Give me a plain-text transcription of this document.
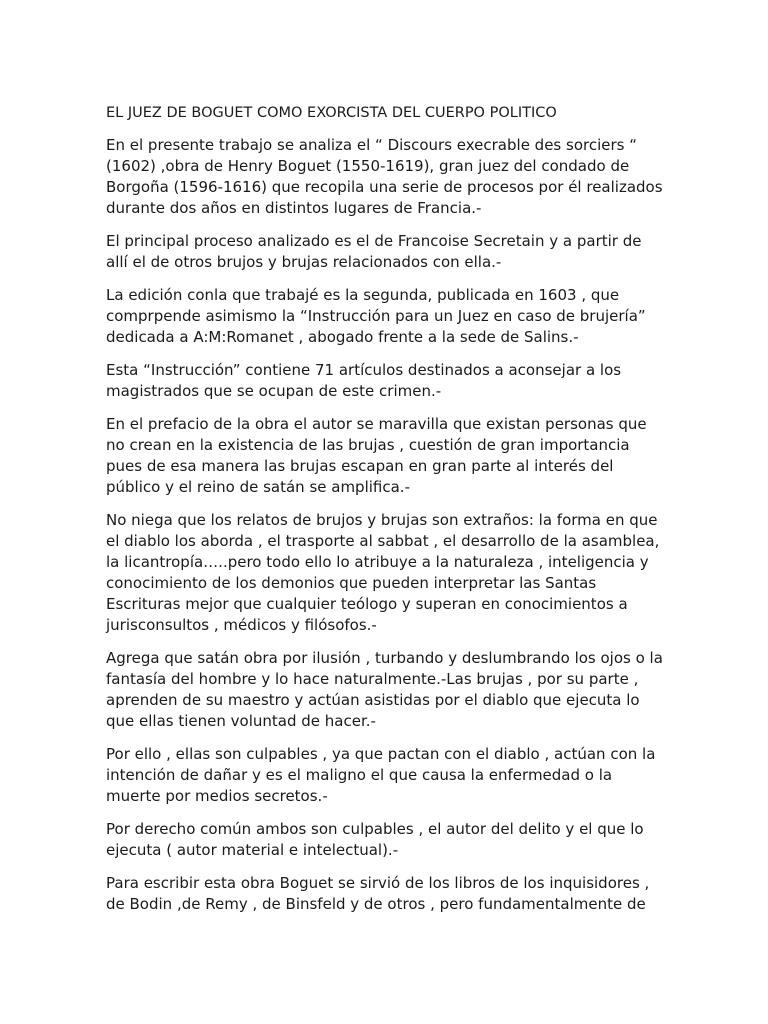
EL JUEZ DE BOGUET COMO EXORCISTA DEL CUERPO POLITICO

En el presente trabajo se analiza el “ Discours execrable des sorciers “ (1602) ,obra de Henry Boguet (1550-1619), gran juez del condado de Borgoña (1596-1616) que recopila una serie de procesos por él realizados durante dos años en distintos lugares de Francia.-

El principal proceso analizado es el de Francoise Secretain y a partir de allí el de otros brujos y brujas relacionados con ella.-

La edición conla que trabajé es la segunda, publicada en 1603 , que comprpende asimismo la “Instrucción para un Juez en caso de brujería” dedicada a A:M:Romanet , abogado frente a la sede de Salins.-

Esta “Instrucción” contiene 71 artículos destinados a aconsejar a los magistrados que se ocupan de este crimen.-

En el prefacio de la obra el autor se maravilla que existan personas que no crean en la existencia de las brujas , cuestión de gran importancia pues de esa manera las brujas escapan en gran parte al interés del público y el reino de satán se amplifica.-

No niega que los relatos de brujos y brujas son extraños: la forma en que el diablo los aborda , el trasporte al sabbat , el desarrollo de la asamblea, la licantropía…..pero todo ello lo atribuye a la naturaleza , inteligencia y conocimiento de los demonios que pueden interpretar las Santas Escrituras mejor que cualquier teólogo y superan en conocimientos a jurisconsultos , médicos y filósofos.-

Agrega que satán obra por ilusión , turbando y deslumbrando los ojos o la fantasía del hombre y lo hace naturalmente.-Las brujas , por su parte , aprenden de su maestro y actúan asistidas por el diablo que ejecuta lo que ellas tienen voluntad de hacer.-

Por ello , ellas son culpables , ya que pactan con el diablo , actúan con la intención de dañar y es el maligno el que causa la enfermedad o la muerte por medios secretos.-

Por derecho común ambos son culpables , el autor del delito y el que lo ejecuta ( autor material e intelectual).-

Para escribir esta obra Boguet se sirvió de los libros de los inquisidores , de Bodin ,de Remy , de Binsfeld y de otros , pero fundamentalmente de
